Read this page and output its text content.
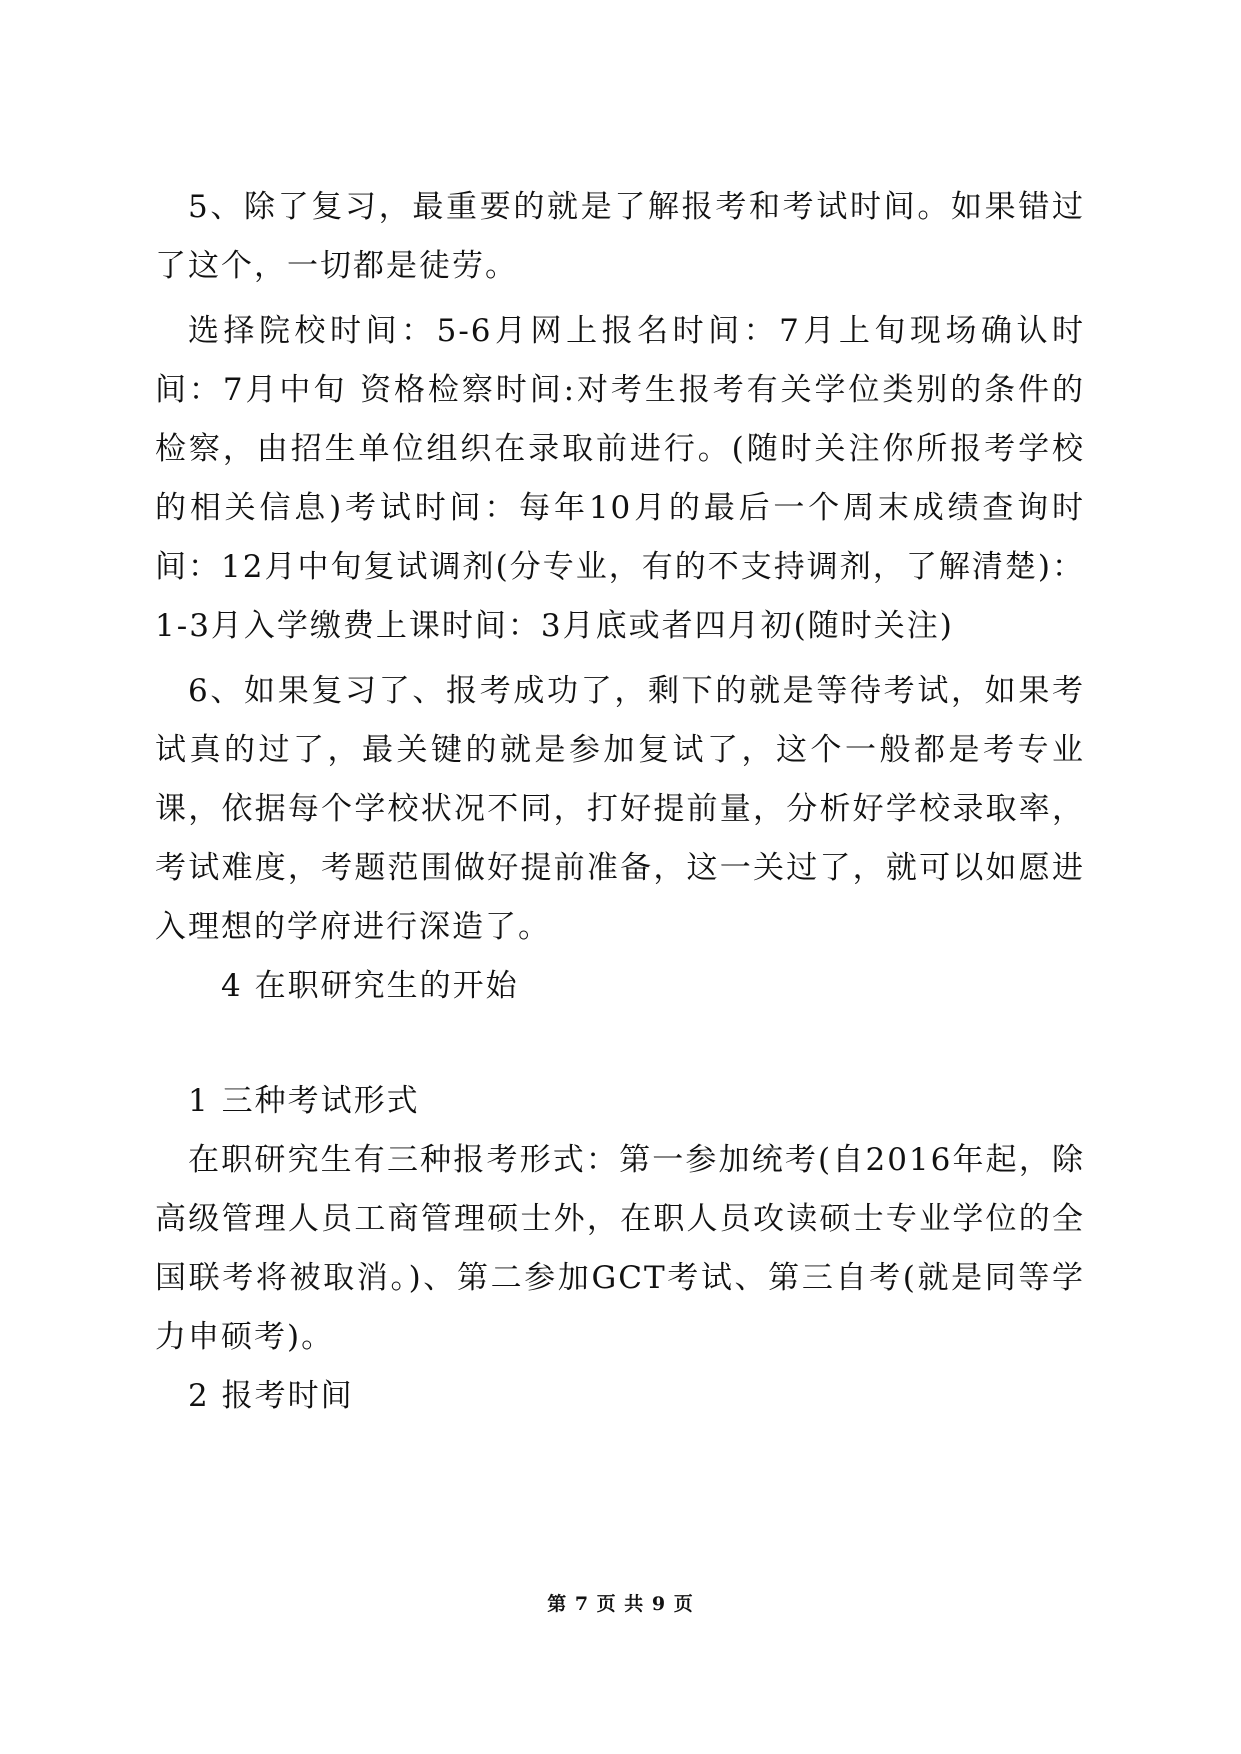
5、除了复习，最重要的就是了解报考和考试时间。如果错过了这个，一切都是徒劳。

选择院校时间：5-6月网上报名时间：7月上旬现场确认时间：7月中旬 资格检察时间:对考生报考有关学位类别的条件的检察，由招生单位组织在录取前进行。(随时关注你所报考学校的相关信息)考试时间：每年10月的最后一个周末成绩查询时间：12月中旬复试调剂(分专业，有的不支持调剂，了解清楚)：1-3月入学缴费上课时间：3月底或者四月初(随时关注)

6、如果复习了、报考成功了，剩下的就是等待考试，如果考试真的过了，最关键的就是参加复试了，这个一般都是考专业课，依据每个学校状况不同，打好提前量，分析好学校录取率，考试难度，考题范围做好提前准备，这一关过了，就可以如愿进入理想的学府进行深造了。

4 在职研究生的开始

1 三种考试形式

在职研究生有三种报考形式：第一参加统考(自2016年起，除高级管理人员工商管理硕士外，在职人员攻读硕士专业学位的全国联考将被取消。)、第二参加GCT考试、第三自考(就是同等学力申硕考)。

2 报考时间

第 7 页 共 9 页
